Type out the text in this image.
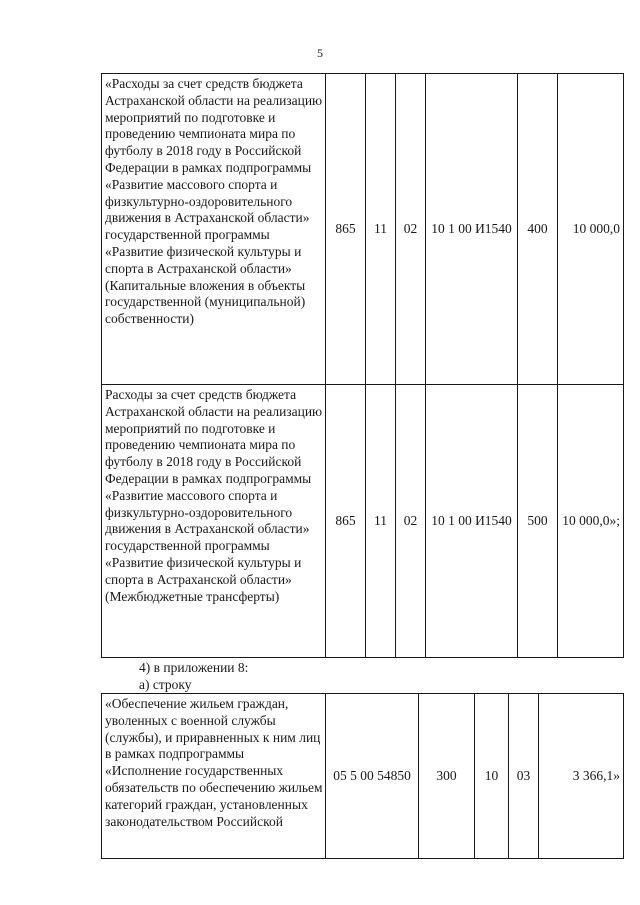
5
«Расходы за счет средств бюджета Астраханской области на реализацию мероприятий по подготовке и проведению чемпионата мира по футболу в 2018 году в Российской Федерации в рамках подпрограммы «Развитие массового спорта и физкультурно-оздоровительного движения в Астраханской области» государственной программы «Развитие физической культуры и спорта в Астраханской области» (Капитальные вложения в объекты государственной (муниципальной) собственности)	865	11	02	10 1 00 И1540	400	10 000,0
Расходы за счет средств бюджета Астраханской области на реализацию мероприятий по подготовке и проведению чемпионата мира по футболу в 2018 году в Российской Федерации в рамках подпрограммы «Развитие массового спорта и физкультурно-оздоровительного движения в Астраханской области» государственной программы «Развитие физической культуры и спорта в Астраханской области» (Межбюджетные трансферты)	865	11	02	10 1 00 И1540	500	10 000,0»;
4) в приложении 8:
а) строку
«Обеспечение жильем граждан, уволенных с военной службы (службы), и приравненных к ним лиц в рамках подпрограммы «Исполнение государственных обязательств по обеспечению жильем категорий граждан, установленных законодательством Российской	05 5 00 54850	300	10	03	3 366,1»
